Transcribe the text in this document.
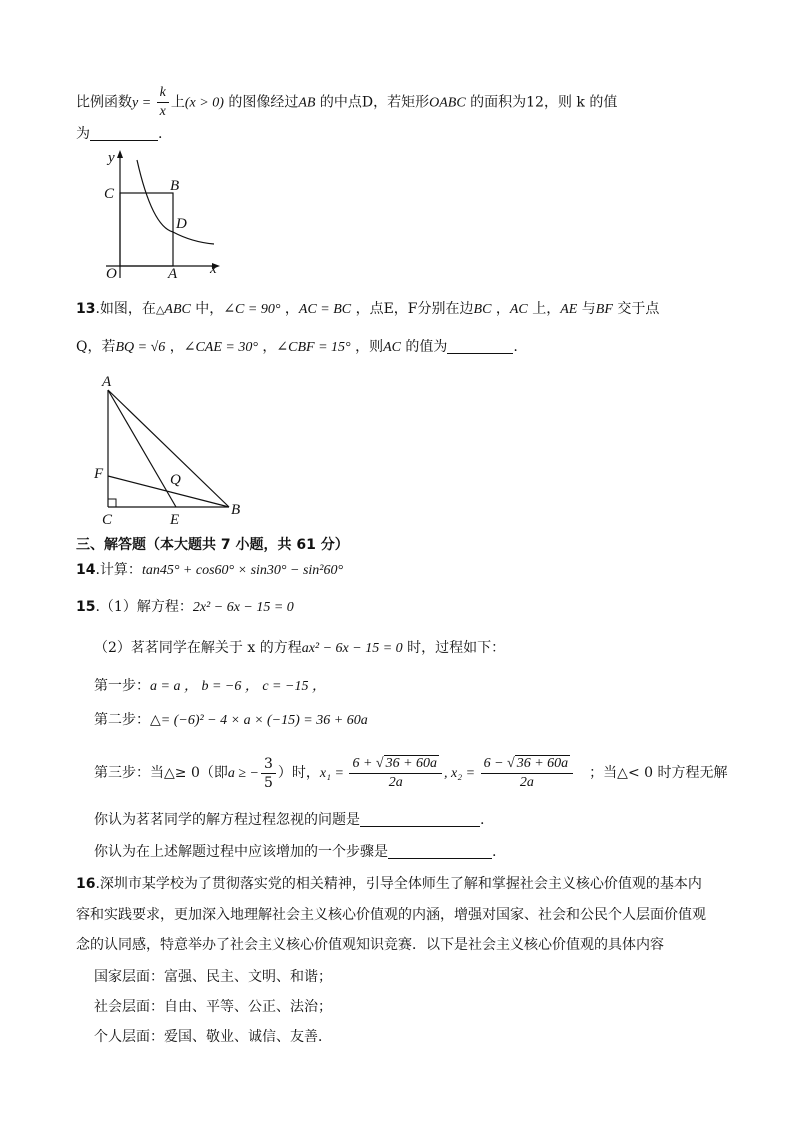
比例函数$y = \frac{k}{x}$ 上(x > 0) 的图像经过AB 的中点D，若矩形OABC 的面积为12，则 k 的值
为	.
y
C	B
D
O	A x
13.如图，在△ABC 中，∠C = 90° ，AC = BC ，点E，F分别在边BC ，AC 上，AE 与BF 交于点
Q，若BQ = √6 ，∠CAE = 30° ，∠CBF = 15° ，则AC 的值为	.
A
F	Q
C	E
B
三、解答题（本大题共 7 小题，共 61 分）
14.计算：tan45° + cos60° × sin30° − sin²60°
15.（1）解方程：2x² − 6x − 15 = 0
（2）茗茗同学在解关于 x 的方程ax² − 6x − 15 = 0 时，过程如下：
第一步：a = a ， b = −6 ， c = −15 ，
第二步：△= (−6)² − 4 × a × (−15) = 36 + 60a
第三步：当△≥ 0（即a ≥ − $\frac{3}{5}$ ）时，$x_1 = \frac{6 + √ 36 + 60a}{2a}$ , $x_2 = \frac{6 - √ 36 + 60a}{2a}$ ；当△< 0 时方程无解
你认为茗茗同学的解方程过程忽视的问题是	.
你认为在上述解题过程中应该增加的一个步骤是	.
16.深圳市某学校为了贯彻落实党的相关精神，引导全体师生了解和掌握社会主义核心价值观的基本内
容和实践要求，更加深入地理解社会主义核心价值观的内涵，增强对国家、社会和公民个人层面价值观
念的认同感，特意举办了社会主义核心价值观知识竞赛．以下是社会主义核心价值观的具体内容
国家层面：富强、民主、文明、和谐；
社会层面：自由、平等、公正、法治；
个人层面：爱国、敬业、诚信、友善．
